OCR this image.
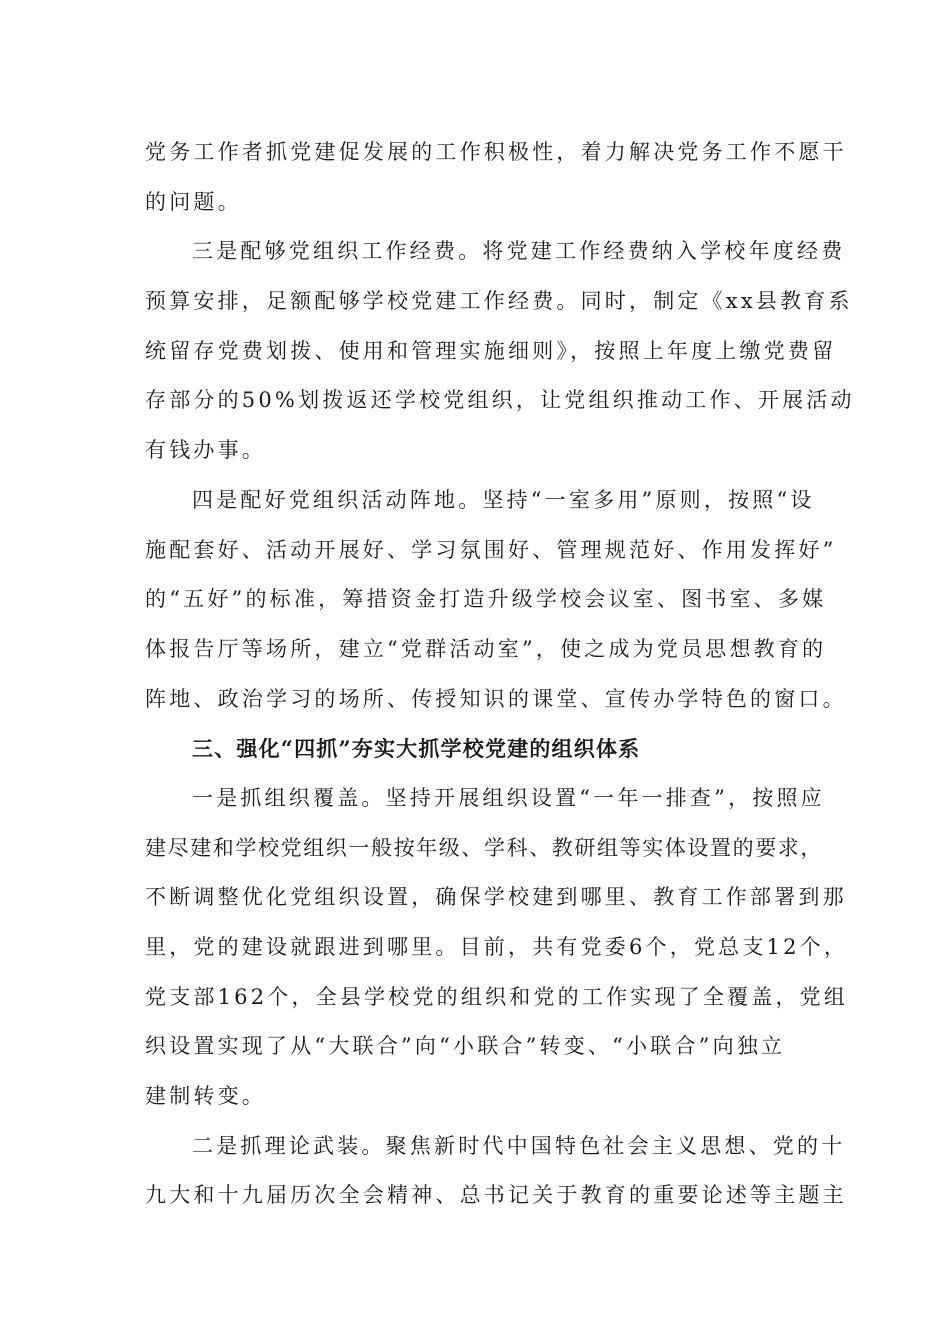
党务工作者抓党建促发展的工作积极性，着力解决党务工作不愿干
的问题。
三是配够党组织工作经费。将党建工作经费纳入学校年度经费
预算安排，足额配够学校党建工作经费。同时，制定《xx县教育系
统留存党费划拨、使用和管理实施细则》，按照上年度上缴党费留
存部分的50%划拨返还学校党组织，让党组织推动工作、开展活动
有钱办事。
四是配好党组织活动阵地。坚持“一室多用”原则，按照“设
施配套好、活动开展好、学习氛围好、管理规范好、作用发挥好”
的“五好”的标准，筹措资金打造升级学校会议室、图书室、多媒
体报告厅等场所，建立“党群活动室”，使之成为党员思想教育的
阵地、政治学习的场所、传授知识的课堂、宣传办学特色的窗口。
三、强化“四抓”夯实大抓学校党建的组织体系
一是抓组织覆盖。坚持开展组织设置“一年一排查”，按照应
建尽建和学校党组织一般按年级、学科、教研组等实体设置的要求，
不断调整优化党组织设置，确保学校建到哪里、教育工作部署到那
里，党的建设就跟进到哪里。目前，共有党委6个，党总支12个，
党支部162个，全县学校党的组织和党的工作实现了全覆盖，党组
织设置实现了从“大联合”向“小联合”转变、“小联合”向独立
建制转变。
二是抓理论武装。聚焦新时代中国特色社会主义思想、党的十
九大和十九届历次全会精神、总书记关于教育的重要论述等主题主
